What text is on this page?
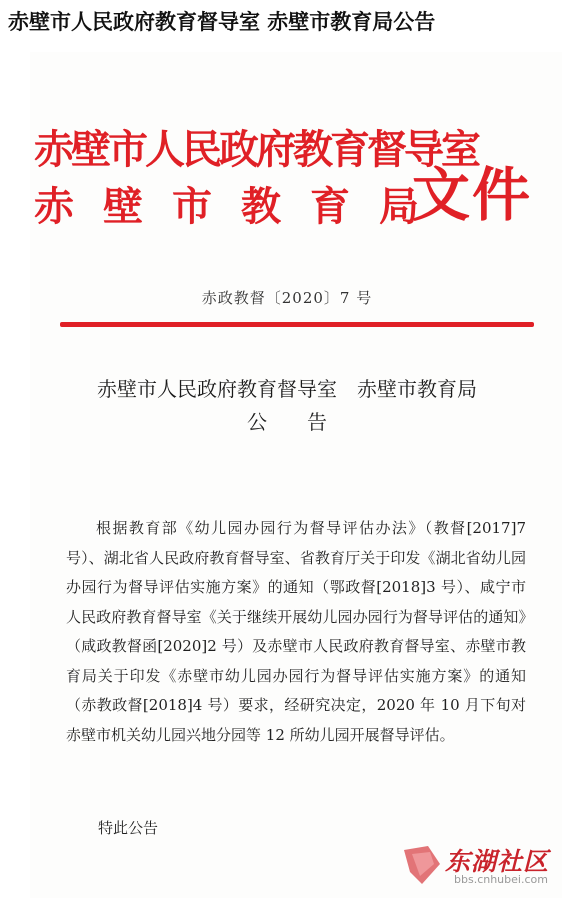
赤壁市人民政府教育督导室 赤壁市教育局公告
赤壁市人民政府教育督导室
赤 壁 市 教 育 局
文件
赤政教督〔2020〕7 号
赤壁市人民政府教育督导室 赤壁市教育局
公告

根据教育部《幼儿园办园行为督导评估办法》（教督[2017]7 号）、湖北省人民政府教育督导室、省教育厅关于印发《湖北省幼儿园办园行为督导评估实施方案》的通知（鄂政督[2018]3 号）、咸宁市人民政府教育督导室《关于继续开展幼儿园办园行为督导评估的通知》（咸政教督函[2020]2 号）及赤壁市人民政府教育督导室、赤壁市教育局关于印发《赤壁市幼儿园办园行为督导评估实施方案》的通知（赤教政督[2018]4 号）要求，经研究决定，2020 年 10 月下旬对赤壁市机关幼儿园兴地分园等 12 所幼儿园开展督导评估。

特此公告
东湖社区
bbs.cnhubei.com
